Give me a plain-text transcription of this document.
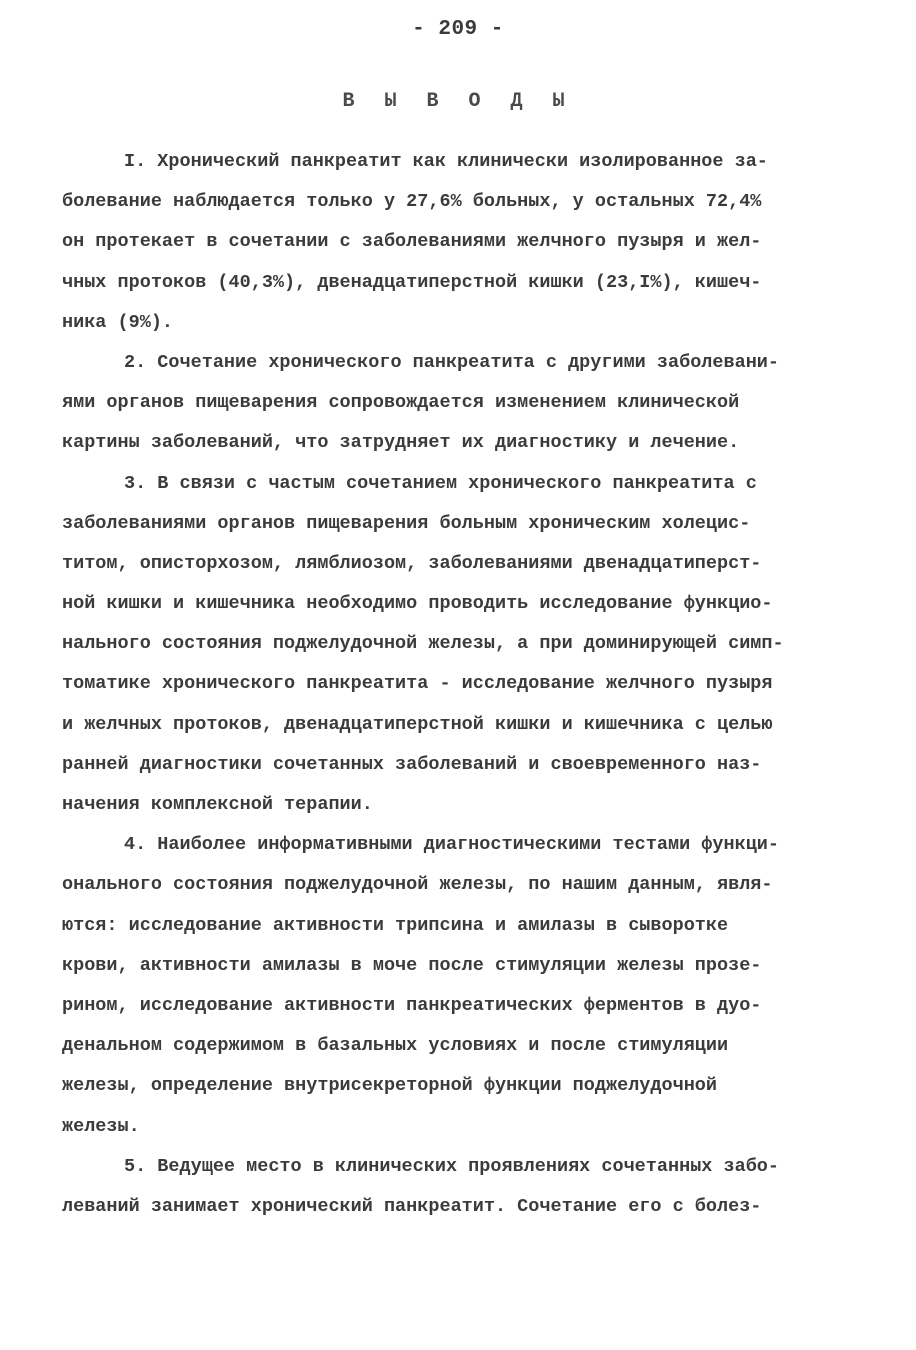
- 209 -
В Ы В О Д Ы
I. Хронический панкреатит как клинически изолированное за-
болевание наблюдается только у 27,6% больных, у остальных 72,4%
он протекает в сочетании с заболеваниями желчного пузыря и жел-
чных протоков (40,3%), двенадцатиперстной кишки (23,I%), кишеч-
ника (9%).
2. Сочетание хронического панкреатита с другими заболевани-
ями органов пищеварения сопровождается изменением клинической
картины заболеваний, что затрудняет их диагностику и лечение.
3. В связи с частым сочетанием хронического панкреатита с
заболеваниями органов пищеварения больным хроническим холецис-
титом, описторхозом, лямблиозом, заболеваниями двенадцатиперст-
ной кишки и кишечника необходимо проводить исследование функцио-
нального состояния поджелудочной железы, а при доминирующей симп-
томатике хронического панкреатита - исследование желчного пузыря
и желчных протоков, двенадцатиперстной кишки и кишечника с целью
ранней диагностики сочетанных заболеваний и своевременного наз-
начения комплексной терапии.
4. Наиболее информативными диагностическими тестами функци-
онального состояния поджелудочной железы, по нашим данным, явля-
ются: исследование активности трипсина и амилазы в сыворотке
крови, активности амилазы в моче после стимуляции железы прозе-
рином, исследование активности панкреатических ферментов в дуо-
денальном содержимом в базальных условиях и после стимуляции
железы, определение внутрисекреторной функции поджелудочной
железы.
5. Ведущее место в клинических проявлениях сочетанных забо-
леваний занимает хронический панкреатит. Сочетание его с болез-
